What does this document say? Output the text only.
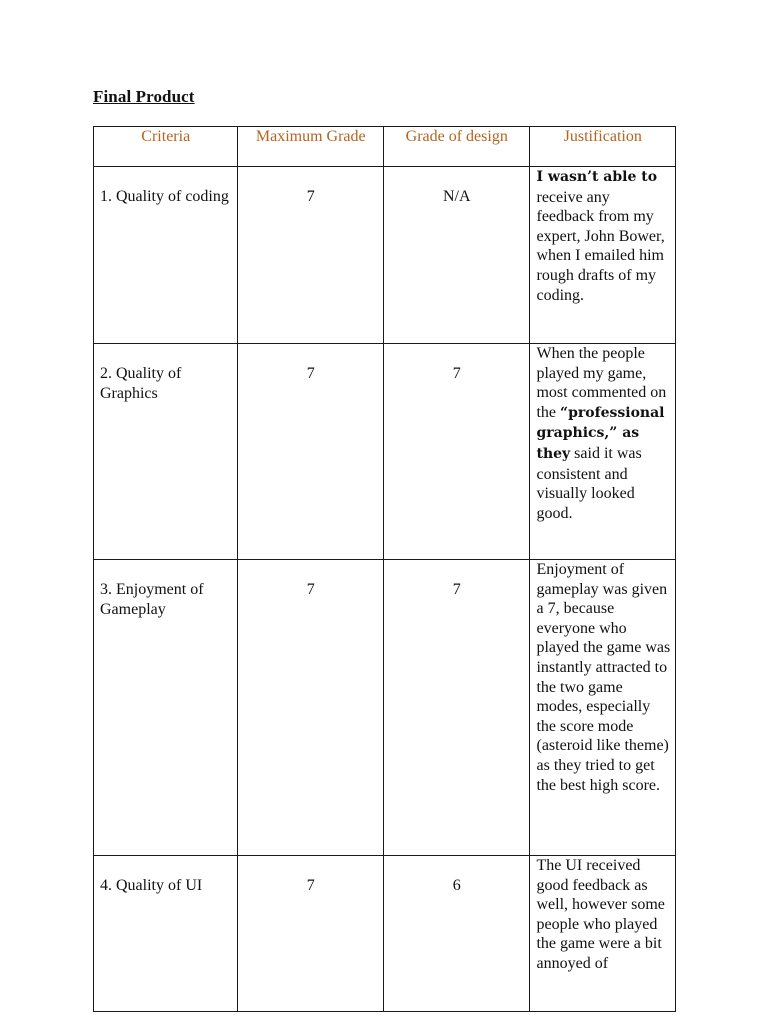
Final Product
Criteria	Maximum Grade	Grade of design	Justification
1. Quality of coding	7	N/A	I wasn’t able to receive any feedback from my expert, John Bower, when I emailed him rough drafts of my coding.
2. Quality of Graphics	7	7	When the people played my game, most commented on the “professional graphics,” as they said it was consistent and visually looked good.
3. Enjoyment of Gameplay	7	7	Enjoyment of gameplay was given a 7, because everyone who played the game was instantly attracted to the two game modes, especially the score mode (asteroid like theme) as they tried to get the best high score.
4. Quality of UI	7	6	The UI received good feedback as well, however some people who played the game were a bit annoyed of
